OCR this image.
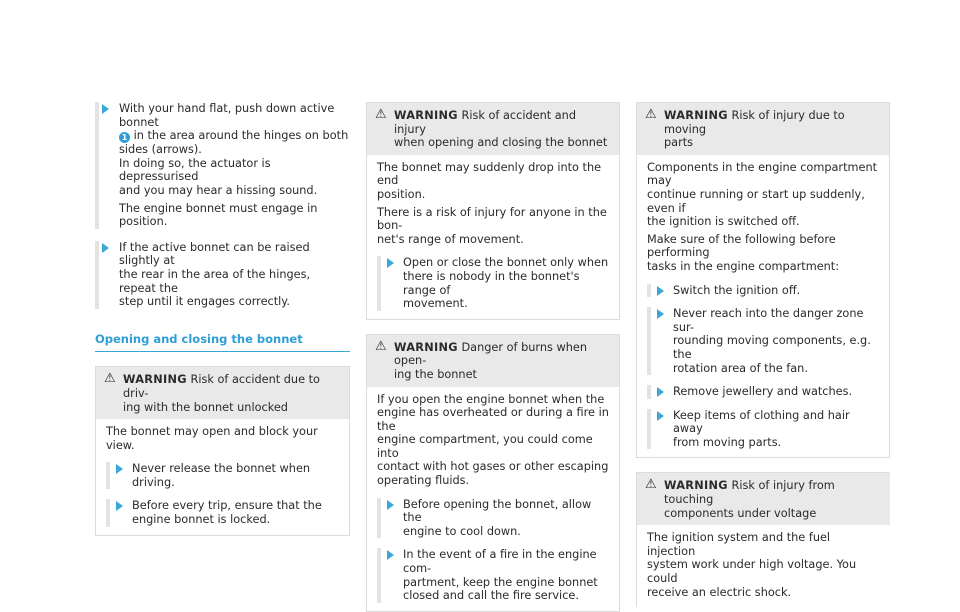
With your hand flat, push down active bonnet

1 in the area around the hinges on both

sides (arrows).

In doing so, the actuator is depressurised

and you may hear a hissing sound.

The engine bonnet must engage in position.

If the active bonnet can be raised slightly at

the rear in the area of the hinges, repeat the

step until it engages correctly.

Opening and closing the bonnet
⚠ WARNING Risk of accident due to driv-

ing with the bonnet unlocked

The bonnet may open and block your view.

Never release the bonnet when driving.

Before every trip, ensure that the

engine bonnet is locked.

⚠ WARNING Risk of accident and injury

when opening and closing the bonnet

The bonnet may suddenly drop into the end

position.

There is a risk of injury for anyone in the bon-

net's range of movement.

Open or close the bonnet only when

there is nobody in the bonnet's range of

movement.

⚠ WARNING Danger of burns when open-

ing the bonnet

If you open the engine bonnet when the

engine has overheated or during a fire in the

engine compartment, you could come into

contact with hot gases or other escaping

operating fluids.

Before opening the bonnet, allow the

engine to cool down.

In the event of a fire in the engine com-

partment, keep the engine bonnet

closed and call the fire service.

⚠ WARNING Risk of injury due to moving

parts

Components in the engine compartment may

continue running or start up suddenly, even if

the ignition is switched off.

Make sure of the following before performing

tasks in the engine compartment:

Switch the ignition off.

Never reach into the danger zone sur-

rounding moving components, e.g. the

rotation area of the fan.

Remove jewellery and watches.

Keep items of clothing and hair away

from moving parts.

⚠ WARNING Risk of injury from touching

components under voltage

The ignition system and the fuel injection

system work under high voltage. You could

receive an electric shock.
